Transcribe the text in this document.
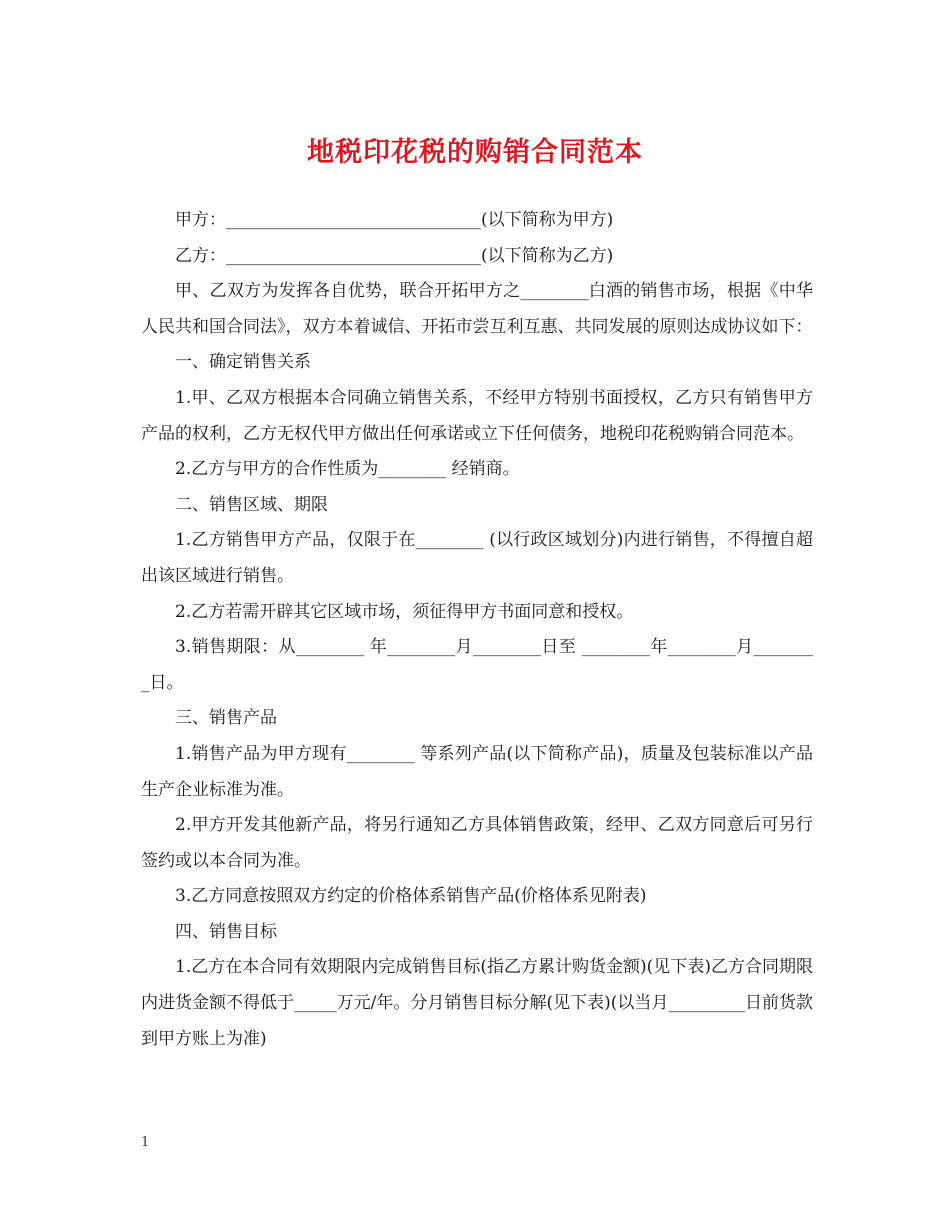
地税印花税的购销合同范本

甲方：______________________________(以下简称为甲方)

乙方：______________________________(以下简称为乙方)

甲、乙双方为发挥各自优势，联合开拓甲方之________白酒的销售市场，根据《中华人民共和国合同法》，双方本着诚信、开拓市尝互利互惠、共同发展的原则达成协议如下：

一、确定销售关系

1.甲、乙双方根据本合同确立销售关系，不经甲方特别书面授权，乙方只有销售甲方产品的权利，乙方无权代甲方做出任何承诺或立下任何债务，地税印花税购销合同范本。

2.乙方与甲方的合作性质为________ 经销商。

二、销售区域、期限

1.乙方销售甲方产品，仅限于在________ (以行政区域划分)内进行销售，不得擅自超出该区域进行销售。

2.乙方若需开辟其它区域市场，须征得甲方书面同意和授权。

3.销售期限：从________ 年________月________日至 ________年________月________日。

三、销售产品

1.销售产品为甲方现有________ 等系列产品(以下简称产品)，质量及包装标准以产品生产企业标准为准。

2.甲方开发其他新产品，将另行通知乙方具体销售政策，经甲、乙双方同意后可另行签约或以本合同为准。

3.乙方同意按照双方约定的价格体系销售产品(价格体系见附表)

四、销售目标

1.乙方在本合同有效期限内完成销售目标(指乙方累计购货金额)(见下表)乙方合同期限内进货金额不得低于_____万元/年。分月销售目标分解(见下表)(以当月_________日前货款到甲方账上为准)

1
